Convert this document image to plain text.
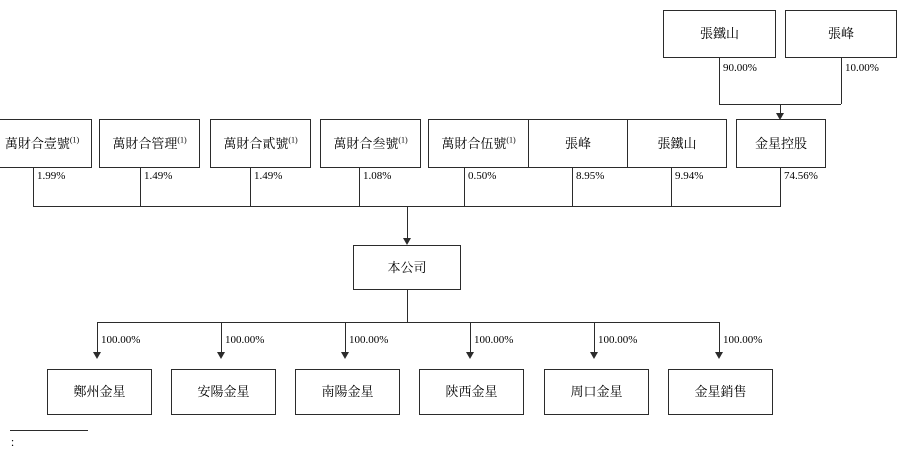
張鐵山	張峰
90.00%	10.00%
萬財合壹號$^{(1)}$	萬財合管理$^{(1)}$	萬財合貳號$^{(1)}$	萬財合叁號$^{(1)}$	萬財合伍號$^{(1)}$	張峰	張鐵山	金星控股
1.99%	1.49%	1.49%	1.08%	0.50%	8.95%	9.94%	74.56%
本公司
100.00%	100.00%	100.00%	100.00%	100.00%	100.00%
鄭州金星	安陽金星	南陽金星	陝西金星	周口金星	金星銷售
：
